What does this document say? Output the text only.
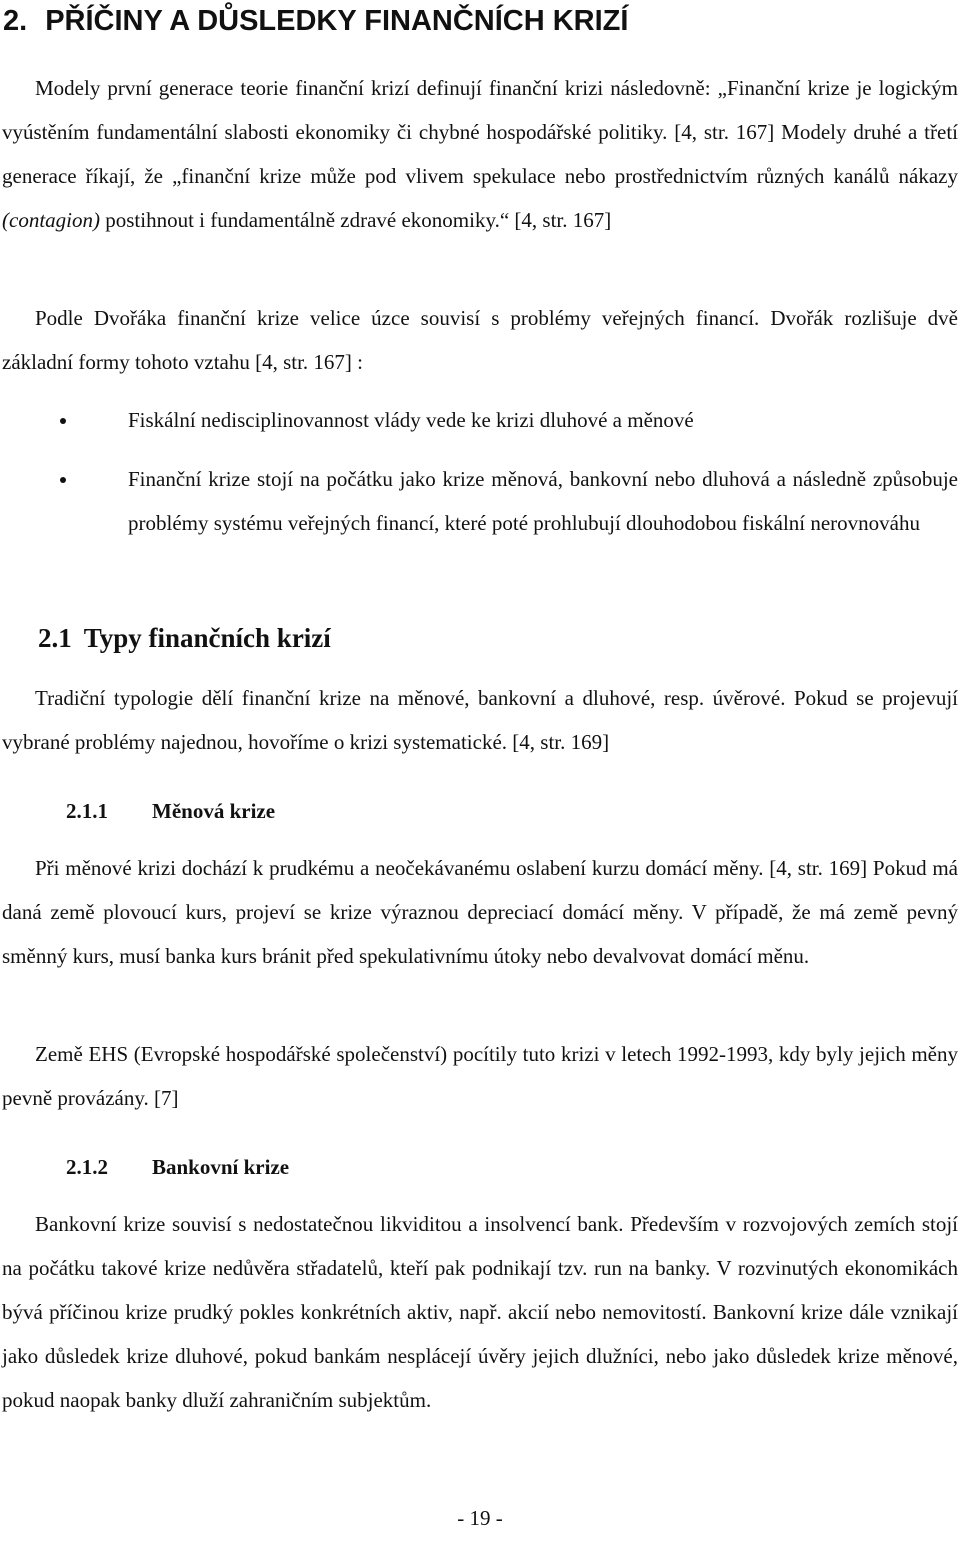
2. PŘÍČINY A DŮSLEDKY FINANČNÍCH KRIZÍ

Modely první generace teorie finanční krizí definují finanční krizi následovně: „Finanční krize je logickým vyústěním fundamentální slabosti ekonomiky či chybné hospodářské politiky. [4, str. 167] Modely druhé a třetí generace říkají, že „finanční krize může pod vlivem spekulace nebo prostřednictvím různých kanálů nákazy (contagion) postihnout i fundamentálně zdravé ekonomiky.“ [4, str. 167]

Podle Dvořáka finanční krize velice úzce souvisí s problémy veřejných financí. Dvořák rozlišuje dvě základní formy tohoto vztahu [4, str. 167] :

Fiskální nedisciplinovannost vlády vede ke krizi dluhové a měnové
Finanční krize stojí na počátku jako krize měnová, bankovní nebo dluhová a následně způsobuje problémy systému veřejných financí, které poté prohlubují dlouhodobou fiskální nerovnováhu
2.1 Typy finančních krizí

Tradiční typologie dělí finanční krize na měnové, bankovní a dluhové, resp. úvěrové. Pokud se projevují vybrané problémy najednou, hovoříme o krizi systematické. [4, str. 169]

2.1.1 Měnová krize

Při měnové krizi dochází k prudkému a neočekávanému oslabení kurzu domácí měny. [4, str. 169] Pokud má daná země plovoucí kurs, projeví se krize výraznou depreciací domácí měny. V případě, že má země pevný směnný kurs, musí banka kurs bránit před spekulativnímu útoky nebo devalvovat domácí měnu.

Země EHS (Evropské hospodářské společenství) pocítily tuto krizi v letech 1992-1993, kdy byly jejich měny pevně provázány. [7]

2.1.2 Bankovní krize

Bankovní krize souvisí s nedostatečnou likviditou a insolvencí bank. Především v rozvojových zemích stojí na počátku takové krize nedůvěra střadatelů, kteří pak podnikají tzv. run na banky. V rozvinutých ekonomikách bývá příčinou krize prudký pokles konkrétních aktiv, např. akcií nebo nemovitostí. Bankovní krize dále vznikají jako důsledek krize dluhové, pokud bankám nesplácejí úvěry jejich dlužníci, nebo jako důsledek krize měnové, pokud naopak banky dluží zahraničním subjektům.

- 19 -
